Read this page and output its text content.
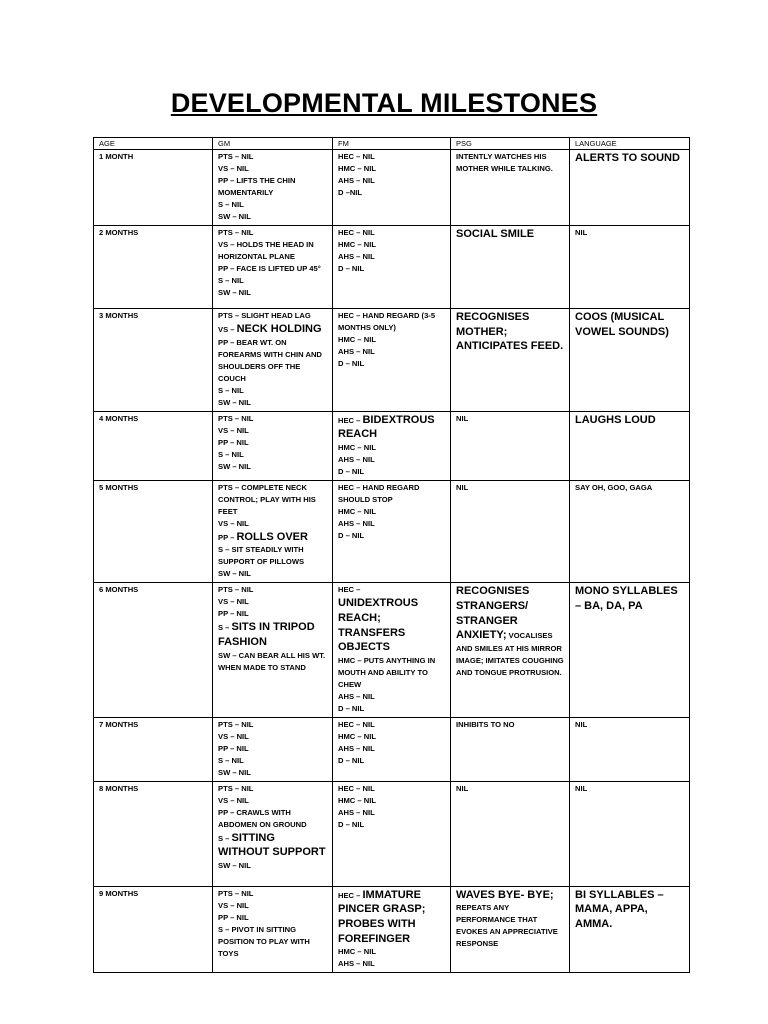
DEVELOPMENTAL MILESTONES
AGE	GM	FM	PSG	LANGUAGE

1 MONTH	PTS – NIL
VS – NIL
PP – LIFTS THE CHIN MOMENTARILY
S – NIL
SW – NIL	HEC – NIL
HMC – NIL
AHS – NIL
D –NIL	INTENTLY WATCHES HIS MOTHER WHILE TALKING.	ALERTS TO SOUND

2 MONTHS	PTS – NIL
VS – HOLDS THE HEAD IN HORIZONTAL PLANE
PP – FACE IS LIFTED UP 45°
S – NIL
SW – NIL	HEC – NIL
HMC – NIL
AHS – NIL
D – NIL	SOCIAL SMILE	NIL

3 MONTHS	PTS – SLIGHT HEAD LAG
VS – NECK HOLDING
PP – BEAR WT. ON FOREARMS WITH CHIN AND SHOULDERS OFF THE COUCH
S – NIL
SW – NIL	HEC – HAND REGARD (3-5 MONTHS ONLY)
HMC – NIL
AHS – NIL
D – NIL	RECOGNISES MOTHER; ANTICIPATES FEED.	COOS (MUSICAL VOWEL SOUNDS)

4 MONTHS	PTS – NIL
VS – NIL
PP – NIL
S – NIL
SW – NIL	HEC – BIDEXTROUS REACH
HMC – NIL
AHS – NIL
D – NIL	NIL	LAUGHS LOUD

5 MONTHS	PTS – COMPLETE NECK CONTROL; PLAY WITH HIS FEET
VS – NIL
PP – ROLLS OVER
S – SIT STEADILY WITH SUPPORT OF PILLOWS
SW – NIL	HEC – HAND REGARD SHOULD STOP
HMC – NIL
AHS – NIL
D – NIL	NIL	SAY OH, GOO, GAGA

6 MONTHS	PTS – NIL
VS – NIL
PP – NIL
S – SITS IN TRIPOD FASHION
SW – CAN BEAR ALL HIS WT. WHEN MADE TO STAND	HEC –
UNIDEXTROUS REACH; TRANSFERS OBJECTS
HMC – PUTS ANYTHING IN MOUTH AND ABILITY TO CHEW
AHS – NIL
D – NIL	RECOGNISES STRANGERS/ STRANGER ANXIETY; VOCALISES AND SMILES AT HIS MIRROR IMAGE; IMITATES COUGHING AND TONGUE PROTRUSION.	MONO SYLLABLES – BA, DA, PA

7 MONTHS	PTS – NIL
VS – NIL
PP – NIL
S – NIL
SW – NIL	HEC – NIL
HMC – NIL
AHS – NIL
D – NIL	INHIBITS TO NO	NIL

8 MONTHS	PTS – NIL
VS – NIL
PP – CRAWLS WITH ABDOMEN ON GROUND
S – SITTING WITHOUT SUPPORT
SW – NIL	HEC – NIL
HMC – NIL
AHS – NIL
D – NIL	NIL	NIL

9 MONTHS	PTS – NIL
VS – NIL
PP – NIL
S – PIVOT IN SITTING POSITION TO PLAY WITH TOYS	HEC – IMMATURE PINCER GRASP; PROBES WITH FOREFINGER
HMC – NIL
AHS – NIL	WAVES BYE- BYE; REPEATS ANY PERFORMANCE THAT EVOKES AN APPRECIATIVE RESPONSE	BI SYLLABLES – MAMA, APPA, AMMA.
